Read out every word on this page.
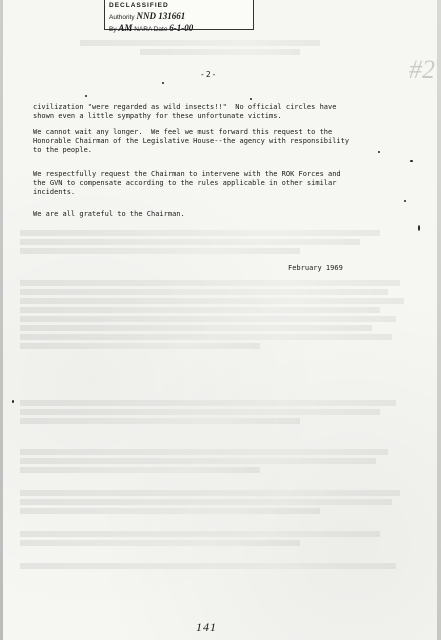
DECLASSIFIED
Authority NND 131661
By AM NARA Date 6-1-00
#2
-2-
civilization "were regarded as wild insects!!"  No official circles have
shown even a little sympathy for these unfortunate victims.
We cannot wait any longer.  We feel we must forward this request to the
Honorable Chairman of the Legislative House--the agency with responsibility
to the people.
We respectfully request the Chairman to intervene with the ROK Forces and
the GVN to compensate according to the rules applicable in other similar
incidents.
We are all grateful to the Chairman.
February 1969
141
